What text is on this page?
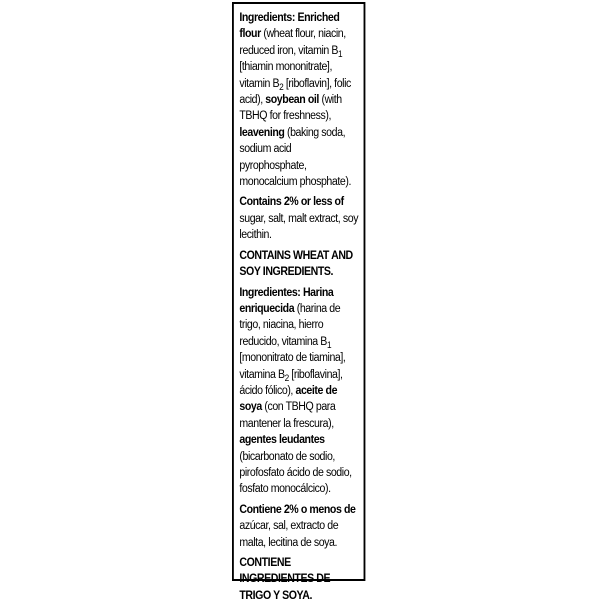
Ingredients: Enriched flour (wheat flour, niacin, reduced iron, vitamin $B_1$ [thiamin mononitrate], vitamin $B_2$ [riboflavin], folic acid), soybean oil (with TBHQ for freshness), leavening (baking soda, sodium acid pyrophosphate, monocalcium phosphate).

Contains 2% or less of sugar, salt, malt extract, soy lecithin.

CONTAINS WHEAT AND SOY INGREDIENTS.

Ingredientes: Harina enriquecida (harina de trigo, niacina, hierro reducido, vitamina $B_1$ [mononitrato de tiamina], vitamina $B_2$ [riboflavina], ácido fólico), aceite de soya (con TBHQ para mantener la frescura), agentes leudantes (bicarbonato de sodio, pirofosfato ácido de sodio, fosfato monocálcico).

Contiene 2% o menos de azúcar, sal, extracto de malta, lecitina de soya.

CONTIENE INGREDIENTES DE TRIGO Y SOYA.
